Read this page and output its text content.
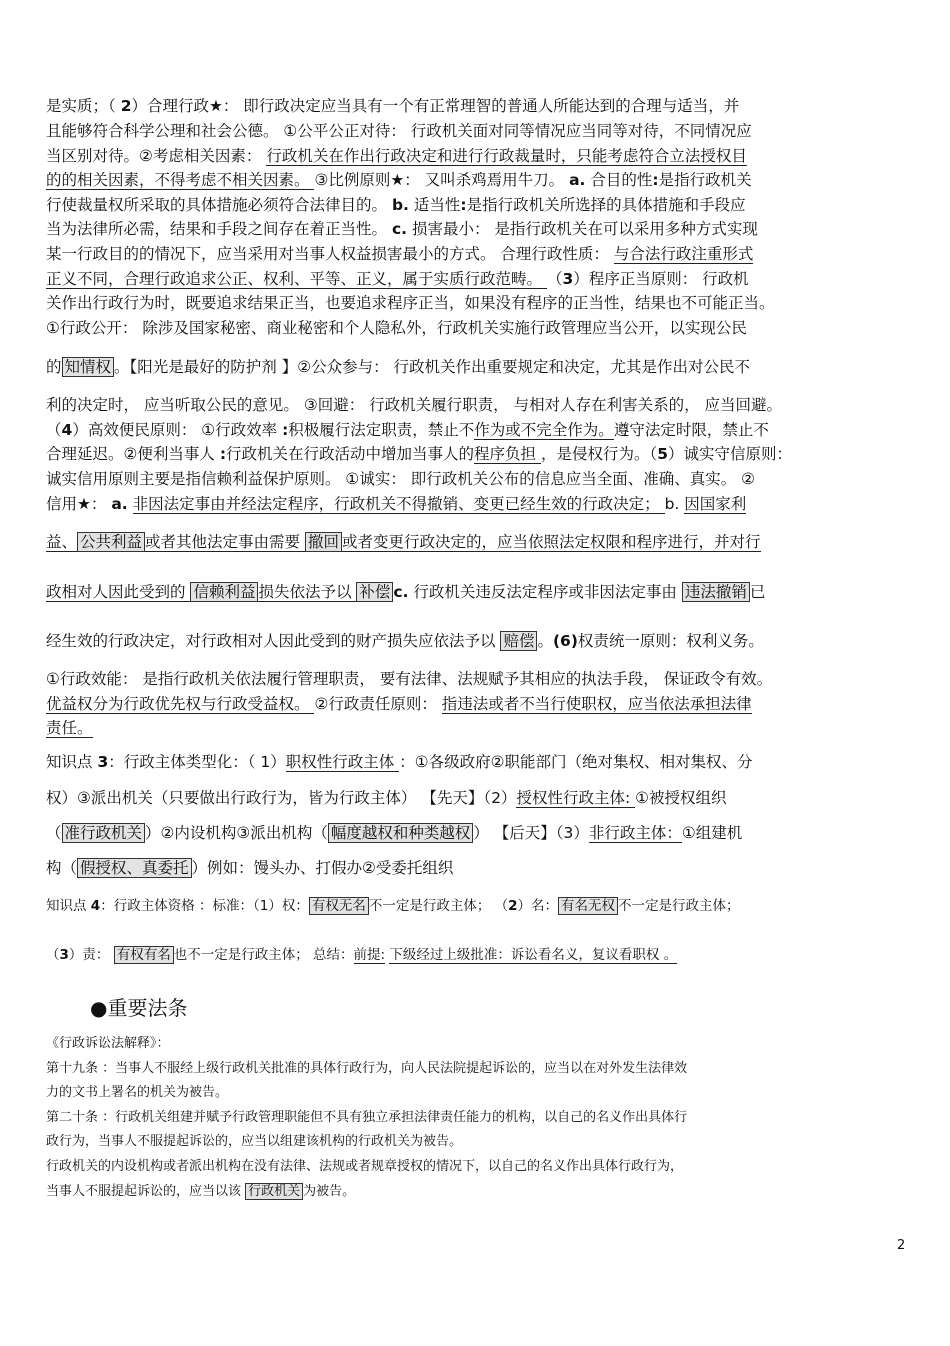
是实质；（ 2）合理行政★： 即行政决定应当具有一个有正常理智的普通人所能达到的合理与适当，并
且能够符合科学公理和社会公德。 ①公平公正对待： 行政机关面对同等情况应当同等对待，不同情况应
当区别对待。②考虑相关因素： 行政机关在作出行政决定和进行行政裁量时，只能考虑符合立法授权目
的的相关因素，不得考虑不相关因素。 ③比例原则★： 又叫杀鸡焉用牛刀。 a. 合目的性:是指行政机关
行使裁量权所采取的具体措施必须符合法律目的。 b. 适当性:是指行政机关所选择的具体措施和手段应
当为法律所必需，结果和手段之间存在着正当性。 c. 损害最小： 是指行政机关在可以采用多种方式实现
某一行政目的的情况下，应当采用对当事人权益损害最小的方式。 合理行政性质： 与合法行政注重形式
正义不同，合理行政追求公正、权利、平等、正义，属于实质行政范畴。 （3）程序正当原则： 行政机
关作出行政行为时，既要追求结果正当，也要追求程序正当，如果没有程序的正当性，结果也不可能正当。
①行政公开： 除涉及国家秘密、商业秘密和个人隐私外，行政机关实施行政管理应当公开，以实现公民
的 知情权 。【阳光是最好的防护剂 】②公众参与： 行政机关作出重要规定和决定，尤其是作出对公民不
利的决定时， 应当听取公民的意见。 ③回避： 行政机关履行职责， 与相对人存在利害关系的， 应当回避。
（4）高效便民原则： ①行政效率 :积极履行法定职责，禁止不作为或不完全作为。遵守法定时限，禁止不
合理延迟。②便利当事人 :行政机关在行政活动中增加当事人的程序负担 ，是侵权行为。（5）诚实守信原则：
诚实信用原则主要是指信赖利益保护原则。 ①诚实： 即行政机关公布的信息应当全面、准确、真实。 ②
信用★： a. 非因法定事由并经法定程序，行政机关不得撤销、变更已经生效的行政决定； b. 因国家利
益、 公共利益 或者其他法定事由需要 撤回 或者变更行政决定的，应当依照法定权限和程序进行，并对行
政相对人因此受到的 信赖利益 损失依法予以 补偿 c. 行政机关违反法定程序或非因法定事由 违法撤销 已
经生效的行政决定，对行政相对人因此受到的财产损失应依法予以 赔偿 。(6)权责统一原则：权利义务。
①行政效能： 是指行政机关依法履行管理职责， 要有法律、法规赋予其相应的执法手段， 保证政令有效。
优益权分为行政优先权与行政受益权。 ②行政责任原则： 指违法或者不当行使职权，应当依法承担法律
责任。
知识点 3：行政主体类型化：（ 1）职权性行政主体 ：①各级政府②职能部门（绝对集权、相对集权、分
权）③派出机关（只要做出行政行为，皆为行政主体） 【先天】（2）授权性行政主体: ①被授权组织
（ 准行政机关 ）②内设机构③派出机构（ 幅度越权和种类越权 ） 【后天】（3）非行政主体：①组建机
构（ 假授权、真委托 ）例如：馒头办、打假办②受委托组织
知识点 4：行政主体资格 ：标准：（1）权： 有权无名 不一定是行政主体； （2）名： 有名无权 不一定是行政主体；
（3）责： 有权有名 也不一定是行政主体； 总结：前提: 下级经过上级批准：诉讼看名义，复议看职权 。
《行政诉讼法解释》：
第十九条 ：当事人不服经上级行政机关批准的具体行政行为，向人民法院提起诉讼的，应当以在对外发生法律效
力的文书上署名的机关为被告。
第二十条 ：行政机关组建并赋予行政管理职能但不具有独立承担法律责任能力的机构，以自己的名义作出具体行
政行为，当事人不服提起诉讼的，应当以组建该机构的行政机关为被告。
行政机关的内设机构或者派出机构在没有法律、法规或者规章授权的情况下，以自己的名义作出具体行政行为，
当事人不服提起诉讼的，应当以该 行政机关 为被告。
●重要法条
2
